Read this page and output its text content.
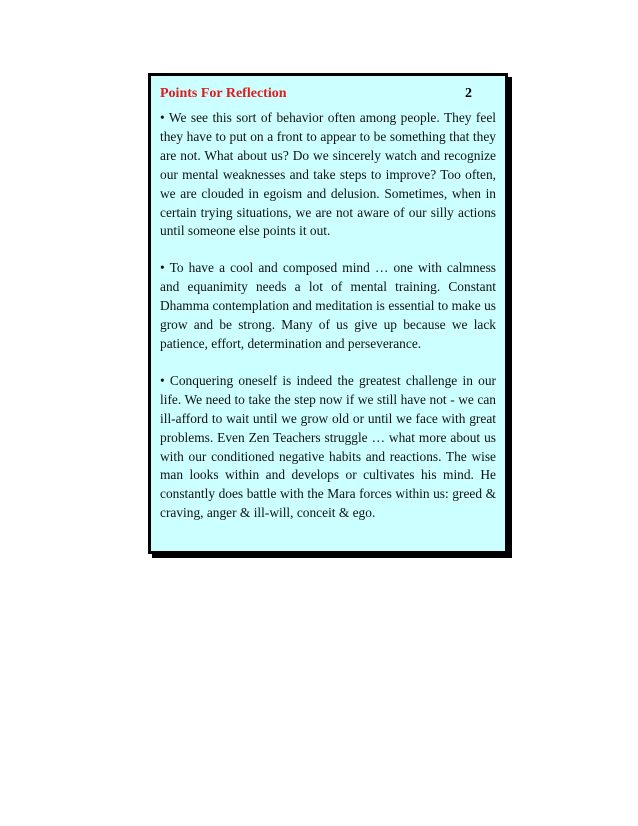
Points For Reflection	2

• We see this sort of behavior often among people. They feel they have to put on a front to appear to be something that they are not. What about us? Do we sincerely watch and recognize our mental weaknesses and take steps to improve? Too often, we are clouded in egoism and delusion. Sometimes, when in certain trying situations, we are not aware of our silly actions until someone else points it out.

• To have a cool and composed mind … one with calmness and equanimity needs a lot of mental training. Constant Dhamma contemplation and meditation is essential to make us grow and be strong. Many of us give up because we lack patience, effort, determination and perseverance.

• Conquering oneself is indeed the greatest challenge in our life. We need to take the step now if we still have not - we can ill-afford to wait until we grow old or until we face with great problems. Even Zen Teachers struggle … what more about us with our conditioned negative habits and reactions. The wise man looks within and develops or cultivates his mind. He constantly does battle with the Mara forces within us: greed & craving, anger & ill-will, conceit & ego.
